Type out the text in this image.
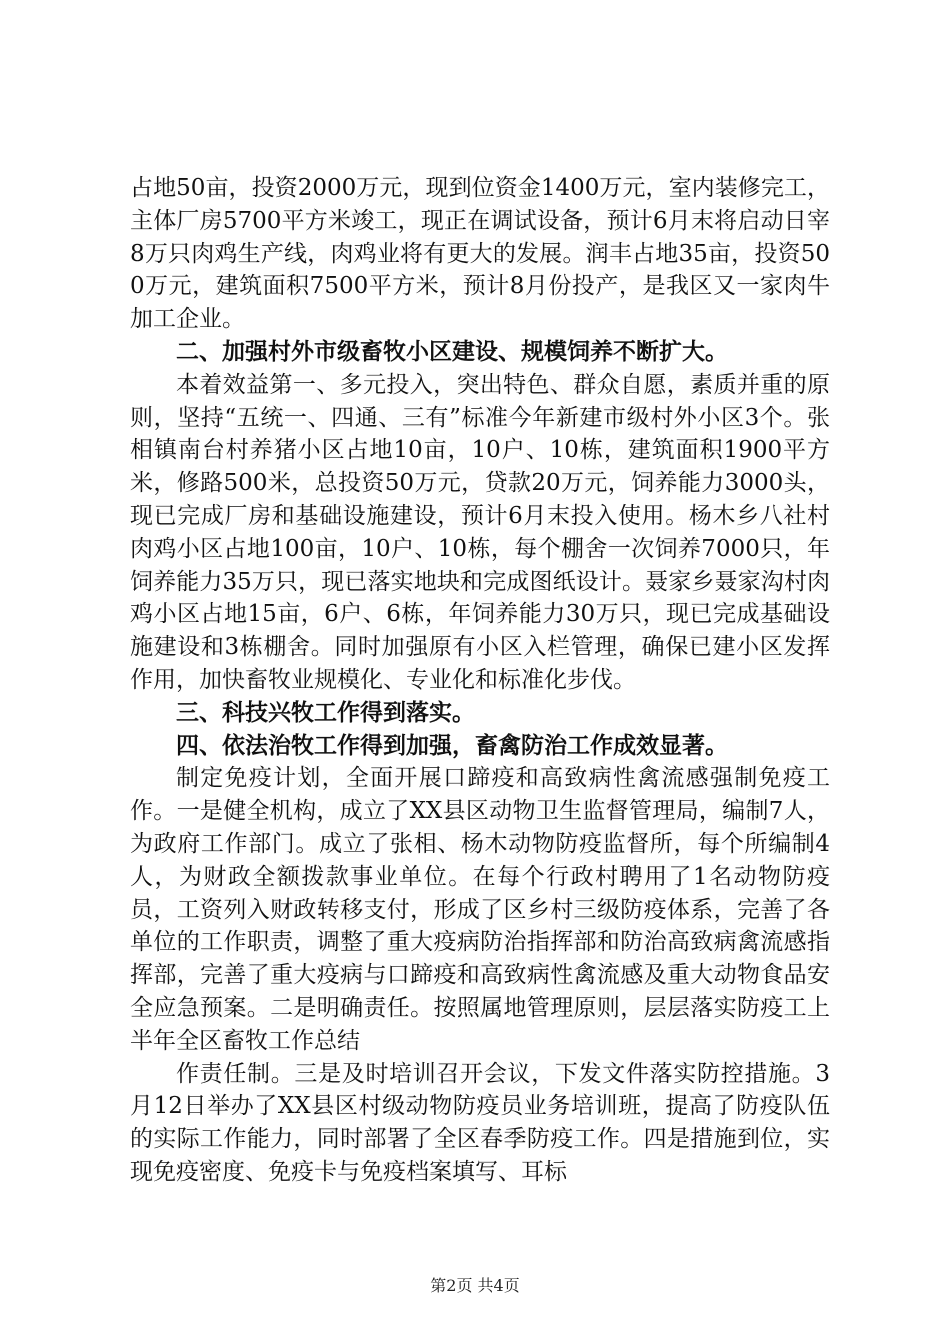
占地50亩，投资2000万元，现到位资金1400万元，室内装修完工，主体厂房5700平方米竣工，现正在调试设备，预计6月末将启动日宰8万只肉鸡生产线，肉鸡业将有更大的发展。润丰占地35亩，投资500万元，建筑面积7500平方米，预计8月份投产，是我区又一家肉牛加工企业。

二、加强村外市级畜牧小区建设、规模饲养不断扩大。

本着效益第一、多元投入，突出特色、群众自愿，素质并重的原则，坚持“五统一、四通、三有”标准今年新建市级村外小区3个。张相镇南台村养猪小区占地10亩，10户、10栋，建筑面积1900平方米，修路500米，总投资50万元，贷款20万元，饲养能力3000头，现已完成厂房和基础设施建设，预计6月末投入使用。杨木乡八社村肉鸡小区占地100亩，10户、10栋，每个棚舍一次饲养7000只，年饲养能力35万只，现已落实地块和完成图纸设计。聂家乡聂家沟村肉鸡小区占地15亩，6户、6栋，年饲养能力30万只，现已完成基础设施建设和3栋棚舍。同时加强原有小区入栏管理，确保已建小区发挥作用，加快畜牧业规模化、专业化和标准化步伐。

三、科技兴牧工作得到落实。

四、依法治牧工作得到加强，畜禽防治工作成效显著。

制定免疫计划，全面开展口蹄疫和高致病性禽流感强制免疫工作。一是健全机构，成立了XX县区动物卫生监督管理局，编制7人，为政府工作部门。成立了张相、杨木动物防疫监督所，每个所编制4人，为财政全额拨款事业单位。在每个行政村聘用了1名动物防疫员，工资列入财政转移支付，形成了区乡村三级防疫体系，完善了各单位的工作职责，调整了重大疫病防治指挥部和防治高致病禽流感指挥部，完善了重大疫病与口蹄疫和高致病性禽流感及重大动物食品安全应急预案。二是明确责任。按照属地管理原则，层层落实防疫工上半年全区畜牧工作总结

作责任制。三是及时培训召开会议，下发文件落实防控措施。3月12日举办了XX县区村级动物防疫员业务培训班，提高了防疫队伍的实际工作能力，同时部署了全区春季防疫工作。四是措施到位，实现免疫密度、免疫卡与免疫档案填写、耳标

第2页 共4页
